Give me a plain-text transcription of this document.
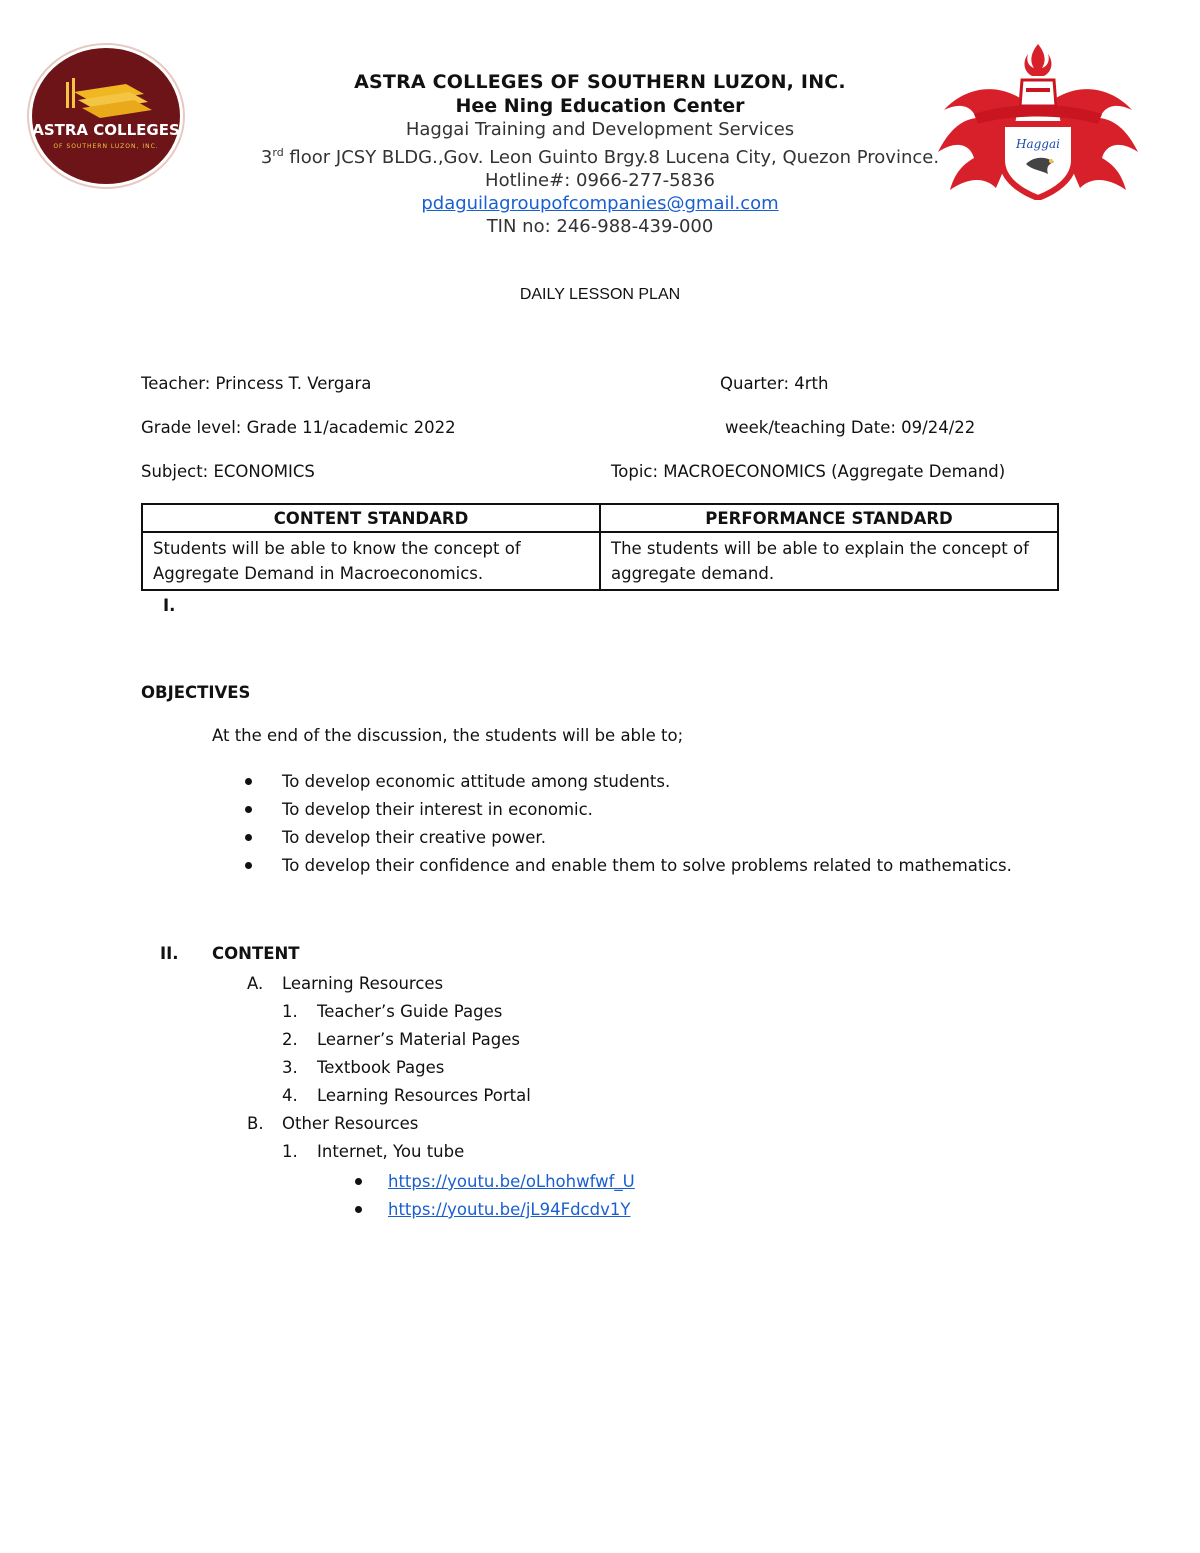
ASTRA COLLEGES
OF SOUTHERN LUZON, INC.	Haggai
ASTRA COLLEGES OF SOUTHERN LUZON, INC.
Hee Ning Education Center
Haggai Training and Development Services
3rd floor JCSY BLDG.,Gov. Leon Guinto Brgy.8 Lucena City, Quezon Province.
Hotline#: 0966-277-5836
pdaguilagroupofcompanies@gmail.com
TIN no: 246-988-439-000
DAILY LESSON PLAN
Teacher: Princess T. Vergara	Quarter: 4rth
Grade level: Grade 11/academic 2022	week/teaching Date: 09/24/22
Subject: ECONOMICS	Topic: MACROECONOMICS (Aggregate Demand)
CONTENT STANDARD	PERFORMANCE STANDARD
Students will be able to know the concept of Aggregate Demand in Macroeconomics.	The students will be able to explain the concept of aggregate demand.
I.
OBJECTIVES
At the end of the discussion, the students will be able to;
To develop economic attitude among students.
To develop their interest in economic.
To develop their creative power.
To develop their confidence and enable them to solve problems related to mathematics.
II. CONTENT
A. Learning Resources
1. Teacher’s Guide Pages
2. Learner’s Material Pages
3. Textbook Pages
4. Learning Resources Portal
B. Other Resources
1. Internet, You tube
https://youtu.be/oLhohwfwf_U
https://youtu.be/jL94Fdcdv1Y
